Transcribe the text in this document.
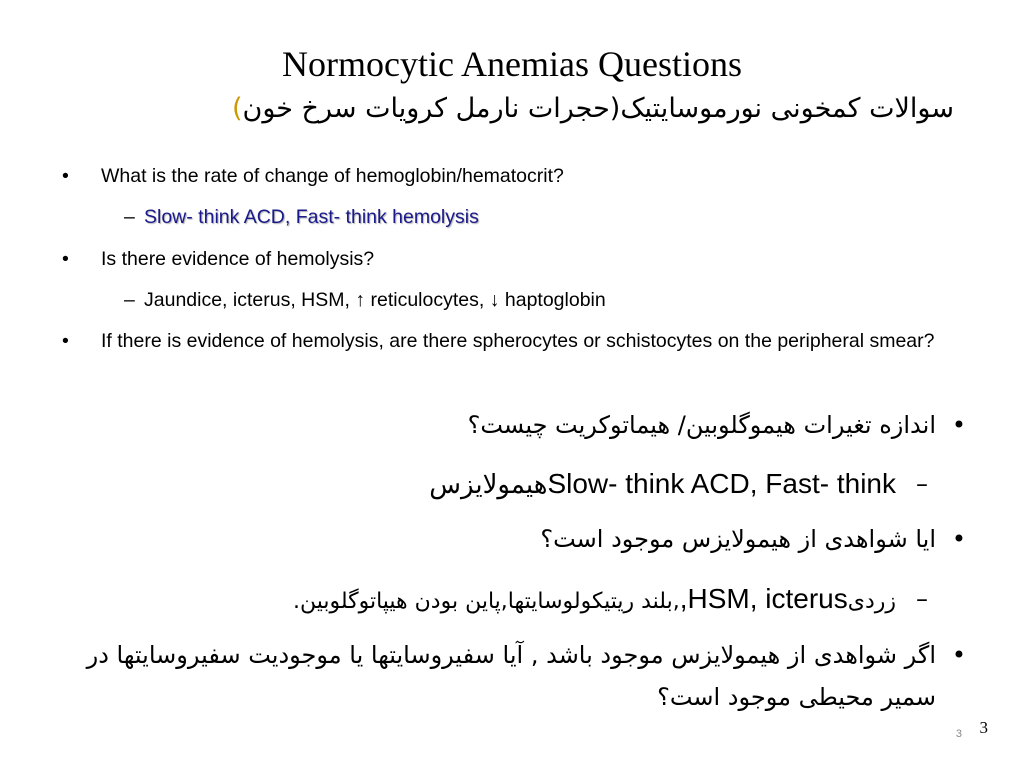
Normocytic Anemias Questions
سوالات کمخونی نورموسایتیک(حجرات نارمل کرویات سرخ خون)
• What is the rate of change of hemoglobin/hematocrit?
– Slow- think ACD, Fast- think hemolysis
• Is there evidence of hemolysis?
– Jaundice, icterus, HSM, ↑ reticulocytes, ↓ haptoglobin
• If there is evidence of hemolysis, are there spherocytes or schistocytes on the peripheral smear?
•
اندازه تغیرات هیموگلوبین/ هیماتوکریت چیست؟
–
Slow- think ACD, Fast- thinkهیمولایزس
•
ایا شواهدی از هیمولایزس موجود است؟
–
زردی,HSM, icterus,بلند ریتیکولوسایتها,پاین بودن هیپاتوگلوبین.
•
اگر شواهدی از هیمولایزس موجود باشد , آیا سفیروسایتها یا موجودیت سفیروسایتها در سمیر محیطی موجود است؟
3 3
